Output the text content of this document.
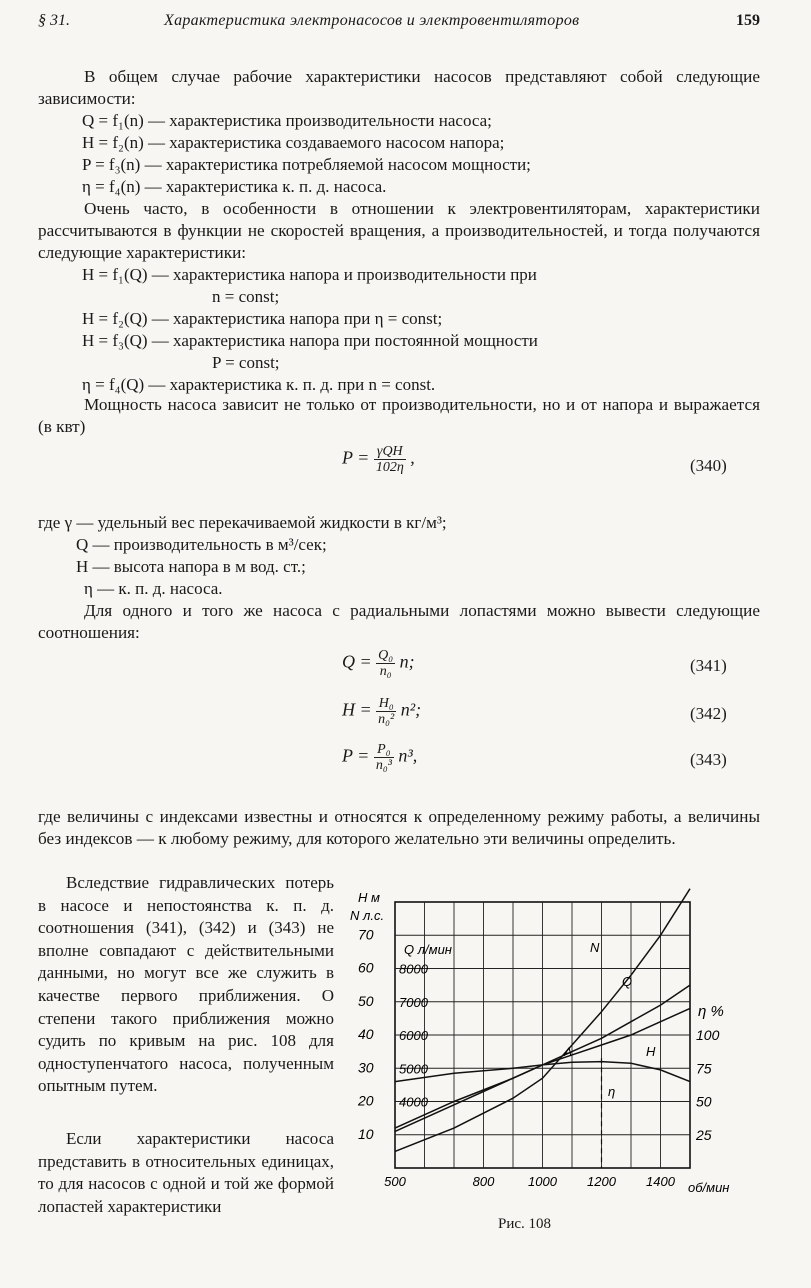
§ 31.	Характеристика электронасосов и электровентиляторов	159
В общем случае рабочие характеристики насосов представляют собой следующие зависимости:
Q = f₁(n) — характеристика производительности насоса;
H = f₂(n) — характеристика создаваемого насосом напора;
P = f₃(n) — характеристика потребляемой насосом мощности;
η = f₄(n) — характеристика к. п. д. насоса.
Очень часто, в особенности в отношении к электровентиляторам, характеристики рассчитываются в функции не скоростей вращения, а производительностей, и тогда получаются следующие характеристики:
H = f₁(Q) — характеристика напора и производительности при
n = const;
H = f₂(Q) — характеристика напора при η = const;
H = f₃(Q) — характеристика напора при постоянной мощности
P = const;
η = f₄(Q) — характеристика к. п. д. при n = const.
Мощность насоса зависит не только от производительности, но и от напора и выражается (в квт)
$P = \frac{\text{γQH}}{102\eta}$ ,	(340)
где γ — удельный вес перекачиваемой жидкости в кг/м³;
Q — производительность в м³/сек;
H — высота напора в м вод. ст.;
η — к. п. д. насоса.
Для одного и того же насоса с радиальными лопастями можно вывести следующие соотношения:
$Q = \frac{\text{Q₀}}{\text{n₀}} n$;	(341)
$H = \frac{\text{H₀}}{\text{n₀²}} n^2$;	(342)
$P = \frac{\text{P₀}}{\text{n₀³}} n^3$,	(343)
где величины с индексами известны и относятся к определенному режиму работы, а величины без индексов — к любому режиму, для которого желательно эти величины определить.
Вследствие гидравлических потерь в насосе и непостоянства к. п. д. соотношения (341), (342) и (343) не вполне совпадают с действительными данными, но могут все же служить в качестве первого приближения. О степени такого приближения можно судить по кривым на рис. 108 для одноступенчатого насоса, полученным опытным путем.
Если характеристики насоса представить в относительных единицах, то для насосов с одной и той же формой лопастей характеристики
500	800	1000 1200 1400
10
20
30
40
50
60
70
4000
5000
6000
7000
8000
25
50
75
100
H м
N л.с.
Q л/мин
η %
об/мин
N
Q
H
η
A
Рис. 108
